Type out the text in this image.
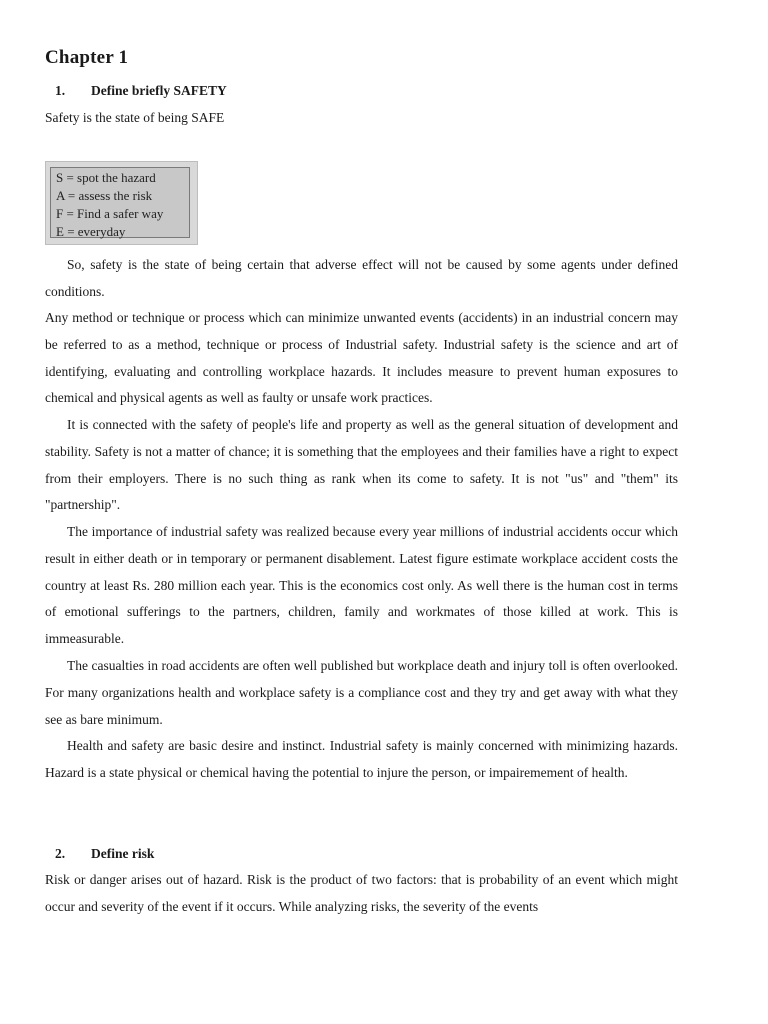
Chapter 1
1. Define briefly SAFETY
Safety is the state of being SAFE
S = spot the hazard
A = assess the risk
F = Find a safer way
E = everyday
So, safety is the state of being certain that adverse effect will not be caused by some agents under defined conditions.
Any method or technique or process which can minimize unwanted events (accidents) in an industrial concern may be referred to as a method, technique or process of Industrial safety. Industrial safety is the science and art of identifying, evaluating and controlling workplace hazards. It includes measure to prevent human exposures to chemical and physical agents as well as faulty or unsafe work practices.
It is connected with the safety of people's life and property as well as the general situation of development and stability. Safety is not a matter of chance; it is something that the employees and their families have a right to expect from their employers. There is no such thing as rank when its come to safety. It is not "us" and "them" its "partnership".
The importance of industrial safety was realized because every year millions of industrial accidents occur which result in either death or in temporary or permanent disablement. Latest figure estimate workplace accident costs the country at least Rs. 280 million each year. This is the economics cost only. As well there is the human cost in terms of emotional sufferings to the partners, children, family and workmates of those killed at work. This is immeasurable.
The casualties in road accidents are often well published but workplace death and injury toll is often overlooked. For many organizations health and workplace safety is a compliance cost and they try and get away with what they see as bare minimum.
Health and safety are basic desire and instinct. Industrial safety is mainly concerned with minimizing hazards. Hazard is a state physical or chemical having the potential to injure the person, or impairemement of health.
2. Define risk
Risk or danger arises out of hazard. Risk is the product of two factors: that is probability of an event which might occur and severity of the event if it occurs. While analyzing risks, the severity of the events
